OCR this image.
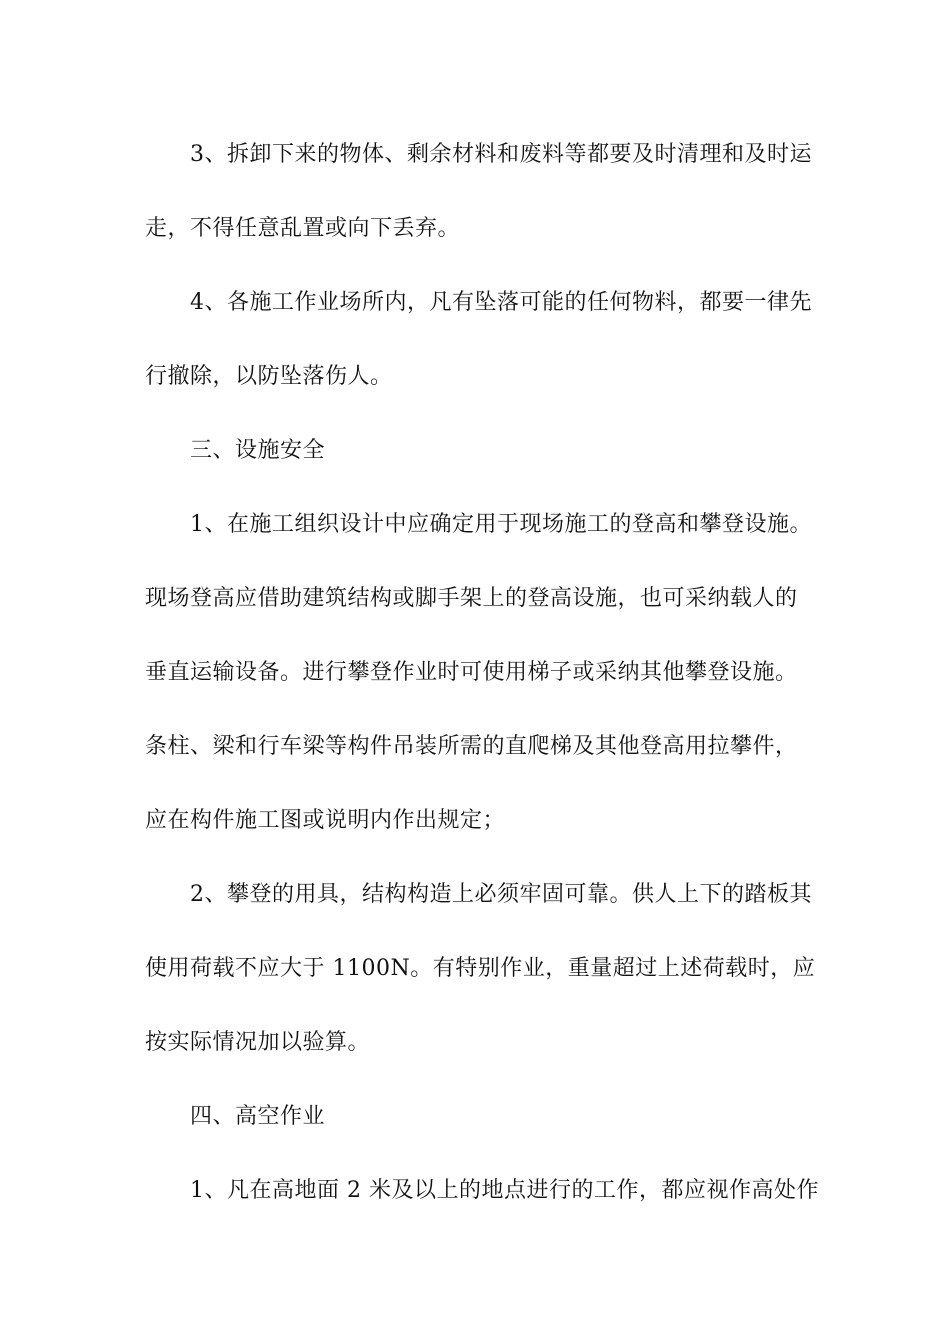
3、拆卸下来的物体、剩余材料和废料等都要及时清理和及时运
走，不得任意乱置或向下丢弃。
4、各施工作业场所内，凡有坠落可能的任何物料，都要一律先
行撤除，以防坠落伤人。
三、设施安全
1、在施工组织设计中应确定用于现场施工的登高和攀登设施。
现场登高应借助建筑结构或脚手架上的登高设施，也可采纳载人的
垂直运输设备。进行攀登作业时可使用梯子或采纳其他攀登设施。
条柱、梁和行车梁等构件吊装所需的直爬梯及其他登高用拉攀件，
应在构件施工图或说明内作出规定；
2、攀登的用具，结构构造上必须牢固可靠。供人上下的踏板其
使用荷载不应大于 1100N。有特别作业，重量超过上述荷载时，应
按实际情况加以验算。
四、高空作业
1、凡在高地面 2 米及以上的地点进行的工作，都应视作高处作
